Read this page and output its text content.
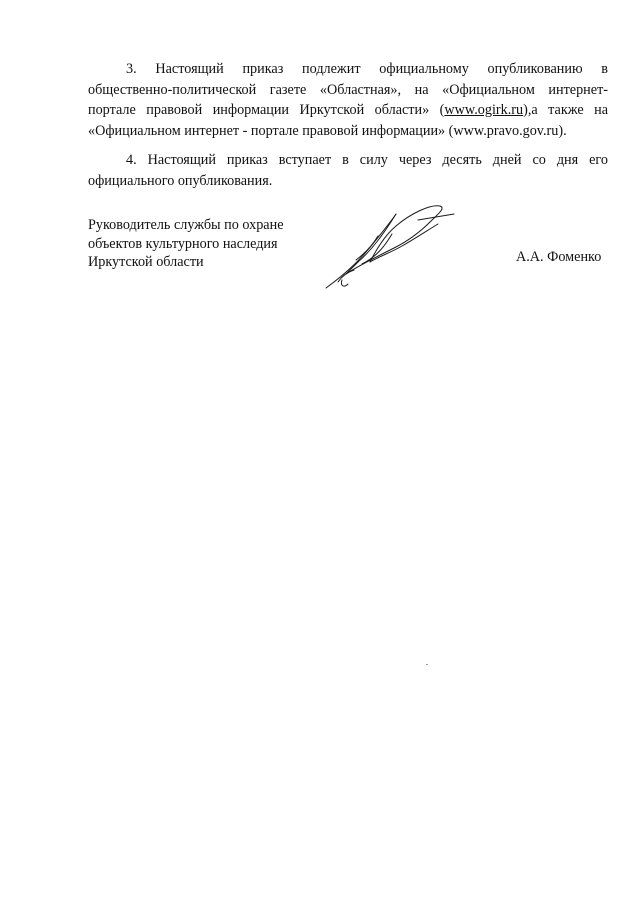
3. Настоящий приказ подлежит официальному опубликованию в
общественно-политической газете «Областная», на «Официальном интернет-
портале правовой информации Иркутской области» (www.ogirk.ru),а также на
«Официальном интернет - портале правовой информации» (www.pravo.gov.ru).

4. Настоящий приказ вступает в силу через десять дней со дня его
официального опубликования.

Руководитель службы по охране
объектов культурного наследия
Иркутской области	А.А. Фоменко
